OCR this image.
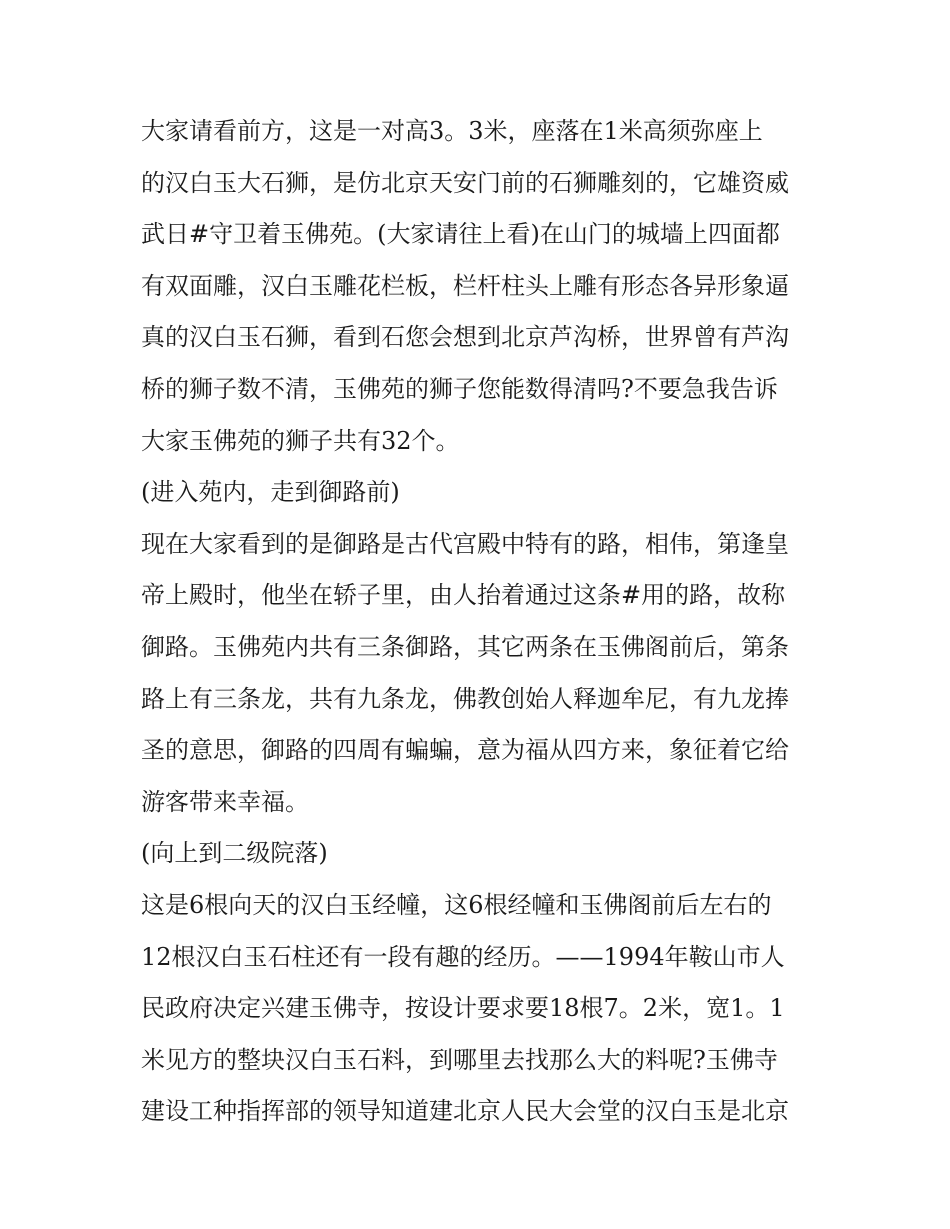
大家请看前方，这是一对高3。3米，座落在1米高须弥座上
的汉白玉大石狮，是仿北京天安门前的石狮雕刻的，它雄资威
武日#守卫着玉佛苑。(大家请往上看)在山门的城墙上四面都
有双面雕，汉白玉雕花栏板，栏杆柱头上雕有形态各异形象逼
真的汉白玉石狮，看到石您会想到北京芦沟桥，世界曾有芦沟
桥的狮子数不清，玉佛苑的狮子您能数得清吗?不要急我告诉
大家玉佛苑的狮子共有32个。
(进入苑内，走到御路前)
现在大家看到的是御路是古代宫殿中特有的路，相伟，第逢皇
帝上殿时，他坐在轿子里，由人抬着通过这条#用的路，故称
御路。玉佛苑内共有三条御路，其它两条在玉佛阁前后，第条
路上有三条龙，共有九条龙，佛教创始人释迦牟尼，有九龙捧
圣的意思，御路的四周有蝙蝙，意为福从四方来，象征着它给
游客带来幸福。
(向上到二级院落)
这是6根向天的汉白玉经幢，这6根经幢和玉佛阁前后左右的
12根汉白玉石柱还有一段有趣的经历。——1994年鞍山市人
民政府决定兴建玉佛寺，按设计要求要18根7。2米，宽1。1
米见方的整块汉白玉石料，到哪里去找那么大的料呢?玉佛寺
建设工种指挥部的领导知道建北京人民大会堂的汉白玉是北京
